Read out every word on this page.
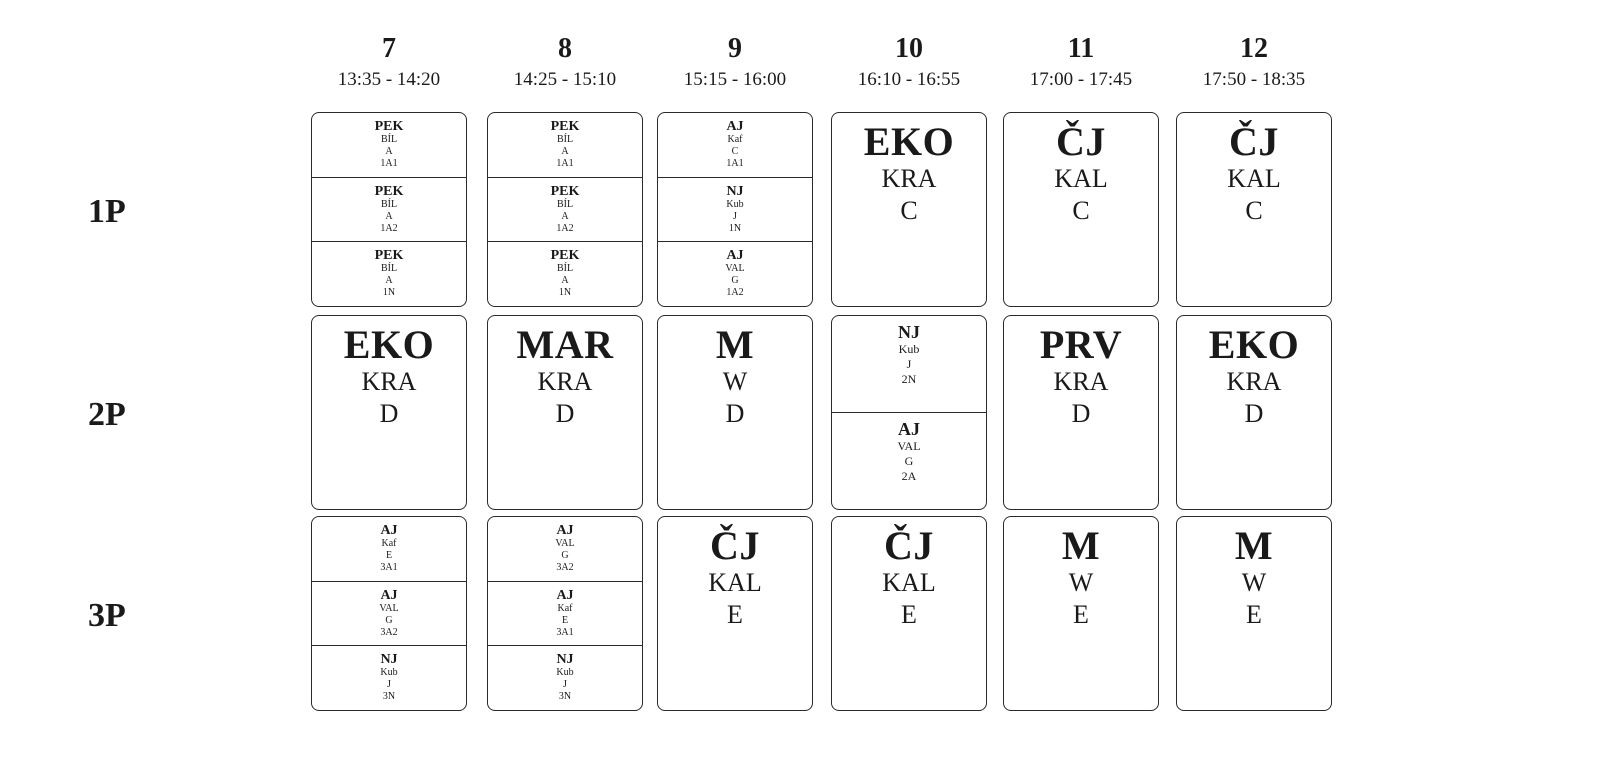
7
13:35 - 14:20
8
14:25 - 15:10
9
15:15 - 16:00
10
16:10 - 16:55
11
17:00 - 17:45
12
17:50 - 18:35
1P
PEK
BÍL
A
1A1
PEK
BÍL
A
1A2
PEK
BÍL
A
1N
PEK
BÍL
A
1A1
PEK
BÍL
A
1A2
PEK
BÍL
A
1N
AJ
Kaf
C
1A1
NJ
Kub
J
1N
AJ
VAL
G
1A2
EKO
KRA
C
ČJ
KAL
C
ČJ
KAL
C
2P
EKO
KRA
D
MAR
KRA
D
M
W
D
NJ
Kub
J
2N
AJ
VAL
G
2A
PRV
KRA
D
EKO
KRA
D
3P
AJ
Kaf
E
3A1
AJ
VAL
G
3A2
NJ
Kub
J
3N
AJ
VAL
G
3A2
AJ
Kaf
E
3A1
NJ
Kub
J
3N
ČJ
KAL
E
ČJ
KAL
E
M
W
E
M
W
E
